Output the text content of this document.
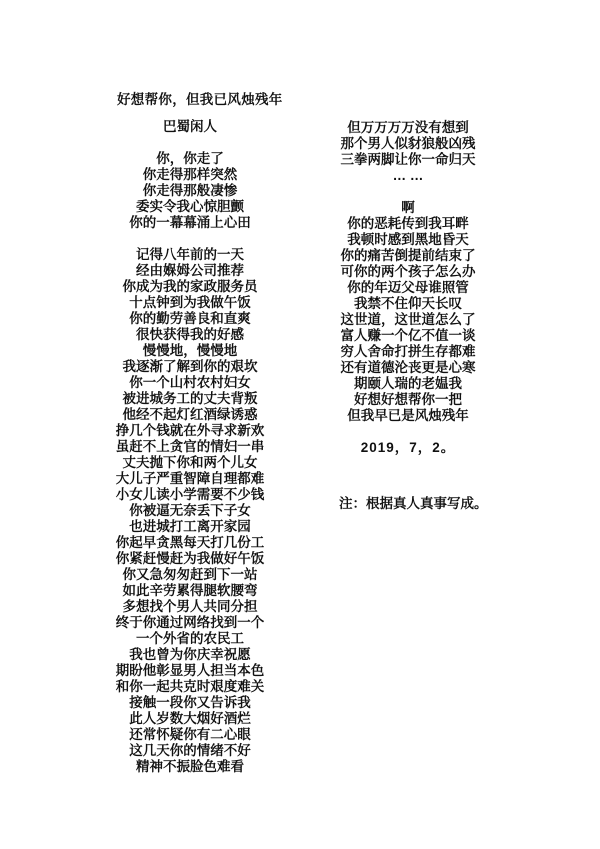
好想帮你，但我已风烛残年
巴蜀闲人
你，你走了
你走得那样突然
你走得那般凄惨
委实令我心惊胆颤
你的一幕幕涌上心田
记得八年前的一天
经由媬姆公司推荐
你成为我的家政服务员
十点钟到为我做午饭
你的勤劳善良和直爽
很快获得我的好感
慢慢地，慢慢地
我逐渐了解到你的艰坎
你一个山村农村妇女
被进城务工的丈夫背叛
他经不起灯红酒绿诱惑
挣几个钱就在外寻求新欢
虽赶不上贪官的情妇一串
丈夫抛下你和两个儿女
大儿子严重智障自理都难
小女儿读小学需要不少钱
你被逼无奈丢下子女
也进城打工离开家园
你起早贪黑每天打几份工
你紧赶慢赶为我做好午饭
你又急匆匆赶到下一站
如此辛劳累得腿软腰弯
多想找个男人共同分担
终于你通过网络找到一个
一个外省的农民工
我也曾为你庆幸祝愿
期盼他彰显男人担当本色
和你一起共克时艰度难关
接触一段你又告诉我
此人岁数大烟好酒烂
还常怀疑你有二心眼
这几天你的情绪不好
精神不振脸色难看
但万万万万没有想到
那个男人似豺狼般凶残
三拳两脚让你一命归天
… …
啊
你的恶耗传到我耳畔
我顿时感到黑地昏天
你的痛苦倒提前结束了
可你的两个孩子怎么办
你的年迈父母谁照管
我禁不住仰天长叹
这世道，这世道怎么了
富人赚一个亿不值一谈
穷人舍命打拼生存都难
还有道德沦丧更是心寒
期颐人瑞的老媪我
好想好想帮你一把
但我早已是风烛残年
2019，7，2。
注：根据真人真事写成。
